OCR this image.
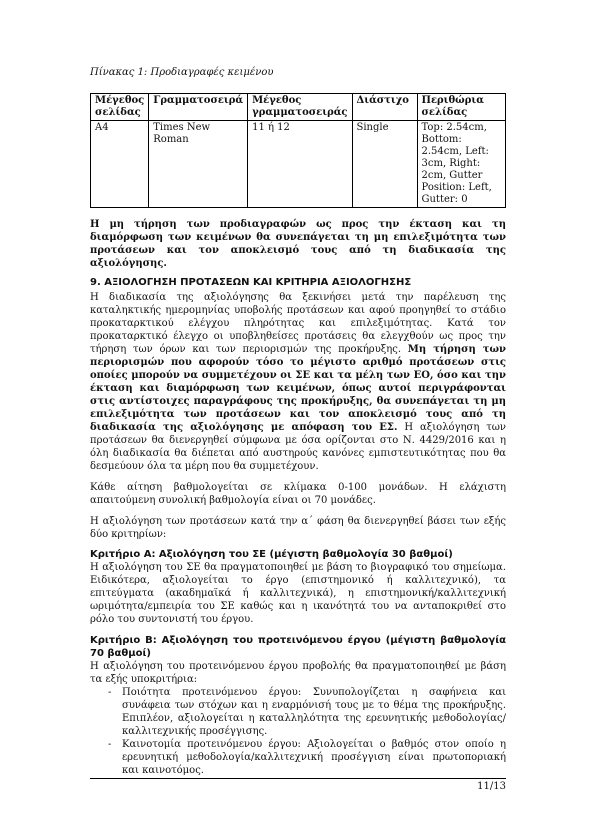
Πίνακας 1: Προδιαγραφές κειμένου
Μέγεθος σελίδας	Γραμματοσειρά	Μέγεθος γραμματοσειράς	Διάστιχο	Περιθώρια σελίδας
A4	Times New Roman	11 ή 12	Single	Top: 2.54cm, Bottom: 2.54cm, Left: 3cm, Right: 2cm, Gutter Position: Left, Gutter: 0

Η μη τήρηση των προδιαγραφών ως προς την έκταση και τη διαμόρφωση των κειμένων θα συνεπάγεται τη μη επιλεξιμότητα των προτάσεων και τον αποκλεισμό τους από τη διαδικασία της αξιολόγησης.

9. ΑΞΙΟΛΟΓΗΣΗ ΠΡΟΤΑΣΕΩΝ ΚΑΙ ΚΡΙΤΗΡΙΑ ΑΞΙΟΛΟΓΗΣΗΣ

Η διαδικασία της αξιολόγησης θα ξεκινήσει μετά την παρέλευση της καταληκτικής ημερομηνίας υποβολής προτάσεων και αφού προηγηθεί το στάδιο προκαταρκτικού ελέγχου πληρότητας και επιλεξιμότητας. Κατά τον προκαταρκτικό έλεγχο οι υποβληθείσες προτάσεις θα ελεγχθούν ως προς την τήρηση των όρων και των περιορισμών της προκήρυξης. Μη τήρηση των περιορισμών που αφορούν τόσο το μέγιστο αριθμό προτάσεων στις οποίες μπορούν να συμμετέχουν οι ΣΕ και τα μέλη των ΕΟ, όσο και την έκταση και διαμόρφωση των κειμένων, όπως αυτοί περιγράφονται στις αντίστοιχες παραγράφους της προκήρυξης, θα συνεπάγεται τη μη επιλεξιμότητα των προτάσεων και τον αποκλεισμό τους από τη διαδικασία της αξιολόγησης με απόφαση του ΕΣ. Η αξιολόγηση των προτάσεων θα διενεργηθεί σύμφωνα με όσα ορίζονται στο Ν. 4429/2016 και η όλη διαδικασία θα διέπεται από αυστηρούς κανόνες εμπιστευτικότητας που θα δεσμεύουν όλα τα μέρη που θα συμμετέχουν.

Κάθε αίτηση βαθμολογείται σε κλίμακα 0-100 μονάδων. Η ελάχιστη απαιτούμενη συνολική βαθμολογία είναι οι 70 μονάδες.

Η αξιολόγηση των προτάσεων κατά την α΄ φάση θα διενεργηθεί βάσει των εξής δύο κριτηρίων:

Κριτήριο Α: Αξιολόγηση του ΣΕ (μέγιστη βαθμολογία 30 βαθμοί)

Η αξιολόγηση του ΣΕ θα πραγματοποιηθεί με βάση το βιογραφικό του σημείωμα. Ειδικότερα, αξιολογείται το έργο (επιστημονικό ή καλλιτεχνικό), τα επιτεύγματα (ακαδημαϊκά ή καλλιτεχνικά), η επιστημονική/καλλιτεχνική ωριμότητα/εμπειρία του ΣΕ καθώς και η ικανότητά του να ανταποκριθεί στο ρόλο του συντονιστή του έργου.

Κριτήριο Β: Αξιολόγηση του προτεινόμενου έργου (μέγιστη βαθμολογία 70 βαθμοί)

Η αξιολόγηση του προτεινόμενου έργου προβολής θα πραγματοποιηθεί με βάση τα εξής υποκριτήρια:

- Ποιότητα προτεινόμενου έργου: Συνυπολογίζεται η σαφήνεια και συνάφεια των στόχων και η εναρμόνισή τους με το θέμα της προκήρυξης. Επιπλέον, αξιολογείται η καταλληλότητα της ερευνητικής μεθοδολογίας/καλλιτεχνικής προσέγγισης.
- Καινοτομία προτεινόμενου έργου: Αξιολογείται ο βαθμός στον οποίο η ερευνητική μεθοδολογία/καλλιτεχνική προσέγγιση είναι πρωτοποριακή και καινοτόμος.
11/13
